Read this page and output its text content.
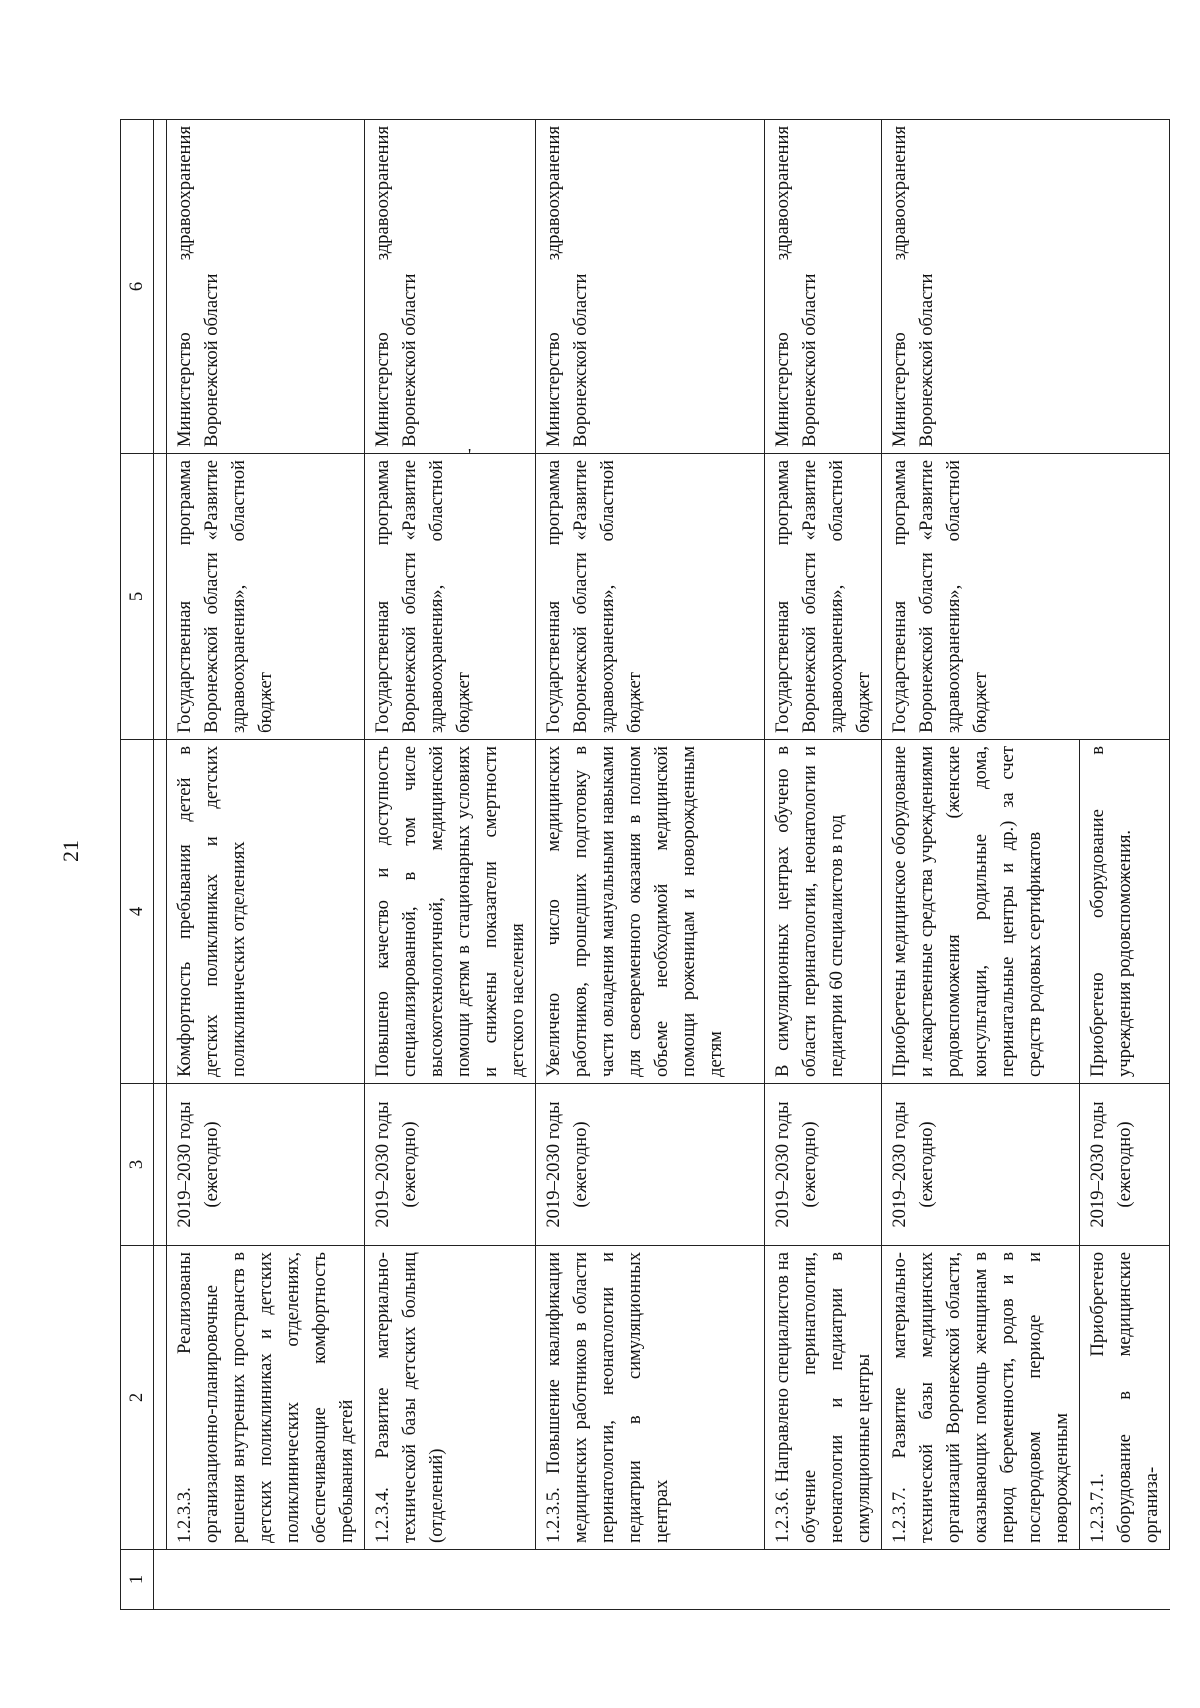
21
'
1	2	3	4	5	6

	1.2.3.3. Реализованы организационно-планировочные решения внутренних пространств в детских поликлиниках и детских поликлинических отделениях, обеспечивающие комфортность пребывания детей	2019–2030 годы (ежегодно)	Комфортность пребывания детей в детских поликлиниках и детских поликлинических отделениях	Государственная программа Воронежской области «Развитие здравоохранения», областной бюджет	Министерство здравоохранения Воронежской области
	1.2.3.4. Развитие материально-технической базы детских больниц (отделений)	2019–2030 годы (ежегодно)	Повышено качество и доступность специализированной, в том числе высокотехнологичной, медицинской помощи детям в стационарных условиях и снижены показатели смертности детского населения	Государственная программа Воронежской области «Развитие здравоохранения», областной бюджет	Министерство здравоохранения Воронежской области
	1.2.3.5. Повышение квалификации медицинских работников в области перинатологии, неонатологии и педиатрии в симуляционных центрах	2019–2030 годы (ежегодно)	Увеличено число медицинских работников, прошедших подготовку в части овладения мануальными навыками для своевременного оказания в полном объеме необходимой медицинской помощи роженицам и новорожденным детям	Государственная программа Воронежской области «Развитие здравоохранения», областной бюджет	Министерство здравоохранения Воронежской области
	1.2.3.6. Направлено специалистов на обучение перинатологии, неонатологии и педиатрии в симуляционные центры	2019–2030 годы (ежегодно)	В симуляционных центрах обучено в области перинатологии, неонатологии и педиатрии 60 специалистов в год	Государственная программа Воронежской области «Развитие здравоохранения», областной бюджет	Министерство здравоохранения Воронежской области
	1.2.3.7. Развитие материально-технической базы медицинских организаций Воронежской области, оказывающих помощь женщинам в период беременности, родов и в послеродовом периоде и новорожденным	2019–2030 годы (ежегодно)	Приобретены медицинское оборудование и лекарственные средства учреждениями родовспоможения (женские консультации, родильные дома, перинатальные центры и др.) за счет средств родовых сертификатов	Государственная программа Воронежской области «Развитие здравоохранения», областной бюджет	Министерство здравоохранения Воронежской области
	1.2.3.7.1. Приобретено оборудование в медицинские организа-	2019–2030 годы (ежегодно)	Приобретено оборудование в учреждения родовспоможения.		
